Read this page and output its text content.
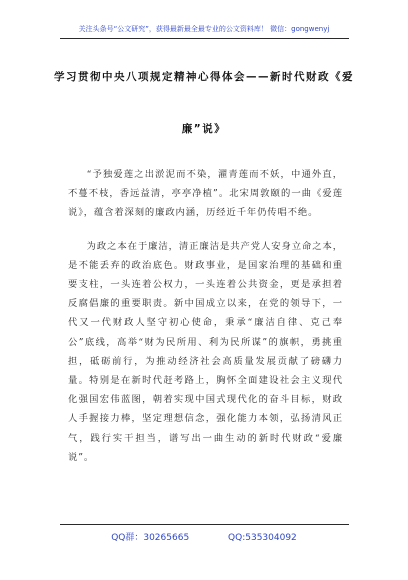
关注头条号“公文研究”，获得最新最全最专业的公文资料库！ 微信：gongwenyj
学习贯彻中央八项规定精神心得体会——新时代财政《爱
廉”说》

“予独爱莲之出淤泥而不染，濯青莲而不妖，中通外直，不蔓不枝，香远益清，亭亭净植”。北宋周敦颐的一曲《爱莲说》，蕴含着深刻的廉政内涵，历经近千年仍传唱不绝。

为政之本在于廉洁，清正廉洁是共产党人安身立命之本，是不能丢弃的政治底色。财政事业，是国家治理的基础和重要支柱，一头连着公权力，一头连着公共资金，更是承担着反腐倡廉的重要职责。新中国成立以来，在党的领导下，一代又一代财政人坚守初心使命，秉承“廉洁自律、克己奉公”底线，高举“财为民所用、利为民所谋”的旗帜，勇挑重担，砥砺前行，为推动经济社会高质量发展贡献了磅礴力量。特别是在新时代赶考路上，胸怀全面建设社会主义现代化强国宏伟蓝图，朝着实现中国式现代化的奋斗目标，财政人手握接力棒，坚定理想信念，强化能力本领，弘扬清风正气，践行实干担当，谱写出一曲生动的新时代财政“爱廉说”。

QQ群：30265665	QQ:535304092
